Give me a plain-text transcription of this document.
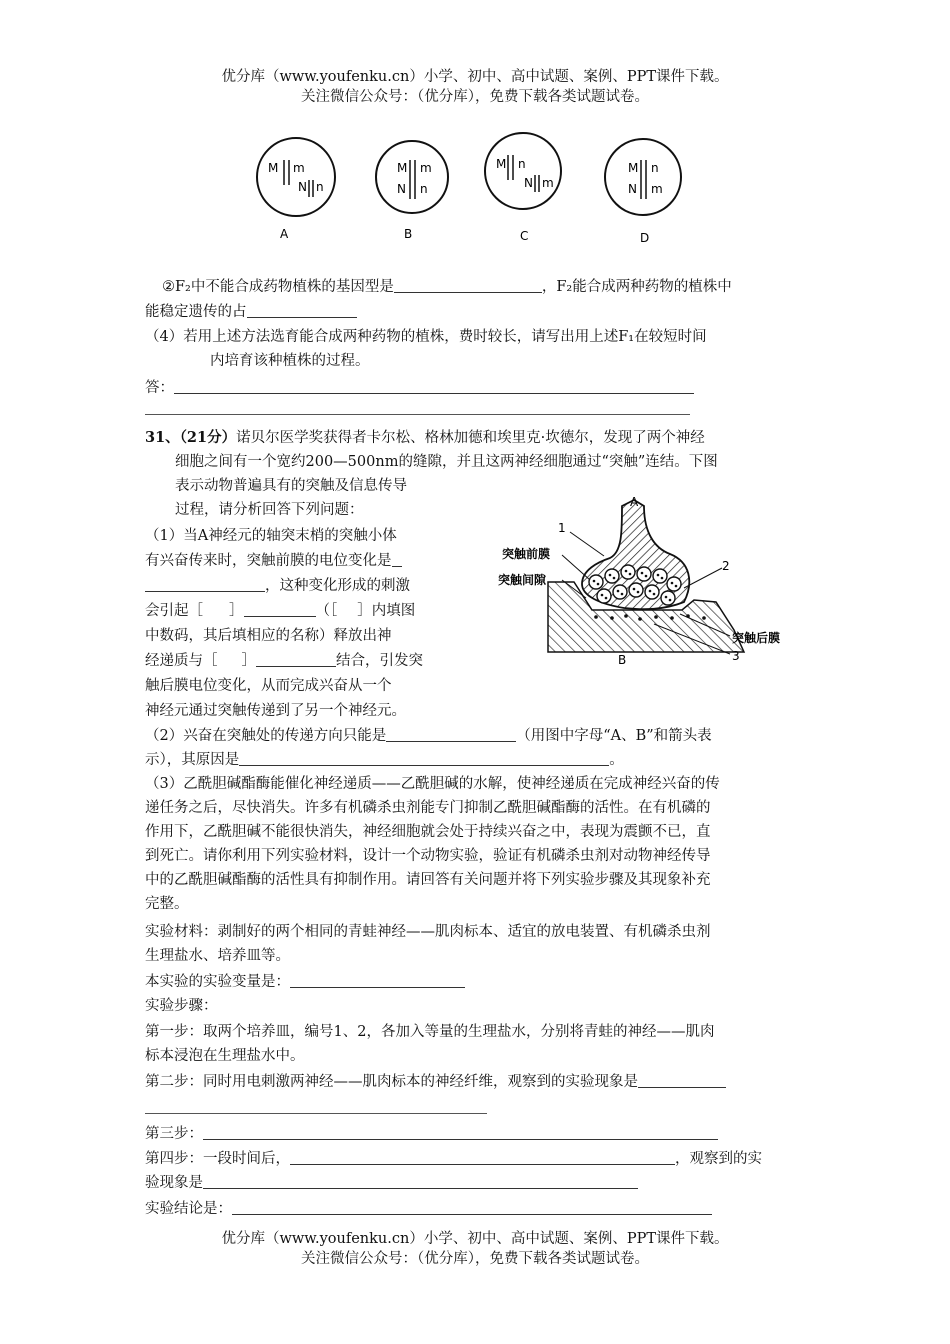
优分库（www.youfenku.cn）小学、初中、高中试题、案例、PPT课件下载。
关注微信公众号：（优分库），免费下载各类试题试卷。
M m
N n
A
M m
N n
B
M n
N m
C
M n
N m
D
②F₂中不能合成药物植株的基因型是	，F₂能合成两种药物的植株中
能稳定遗传的占
（4）若用上述方法选育能合成两种药物的植株，费时较长，请写出用上述F₁在较短时间
内培育该种植株的过程。
答：
31、（21分）诺贝尔医学奖获得者卡尔松、格林加德和埃里克·坎德尔，发现了两个神经
细胞之间有一个宽约200—500nm的缝隙，并且这两神经细胞通过“突触”连结。下图
表示动物普遍具有的突触及信息传导
过程，请分析回答下列问题：
（1）当A神经元的轴突末梢的突触小体
有兴奋传来时，突触前膜的电位变化是
，这种变化形成的刺激
会引起［ ］	（［ ］内填图
中数码，其后填相应的名称）释放出神
经递质与［ ］	结合，引发突
触后膜电位变化，从而完成兴奋从一个
神经元通过突触传递到了另一个神经元。
A
B
1
2
3
突触前膜
突触间隙
突触后膜
（2）兴奋在突触处的传递方向只能是	（用图中字母“A、B”和箭头表
示），其原因是	。
（3）乙酰胆碱酯酶能催化神经递质——乙酰胆碱的水解，使神经递质在完成神经兴奋的传
递任务之后，尽快消失。许多有机磷杀虫剂能专门抑制乙酰胆碱酯酶的活性。在有机磷的
作用下，乙酰胆碱不能很快消失，神经细胞就会处于持续兴奋之中，表现为震颤不已，直
到死亡。请你利用下列实验材料，设计一个动物实验，验证有机磷杀虫剂对动物神经传导
中的乙酰胆碱酯酶的活性具有抑制作用。请回答有关问题并将下列实验步骤及其现象补充
完整。
实验材料：剥制好的两个相同的青蛙神经——肌肉标本、适宜的放电装置、有机磷杀虫剂
生理盐水、培养皿等。
本实验的实验变量是：
实验步骤：
第一步：取两个培养皿，编号1、2，各加入等量的生理盐水，分别将青蛙的神经——肌肉
标本浸泡在生理盐水中。
第二步：同时用电刺激两神经——肌肉标本的神经纤维，观察到的实验现象是
第三步：
第四步：一段时间后，	，观察到的实
验现象是
实验结论是：
优分库（www.youfenku.cn）小学、初中、高中试题、案例、PPT课件下载。
关注微信公众号：（优分库），免费下载各类试题试卷。
